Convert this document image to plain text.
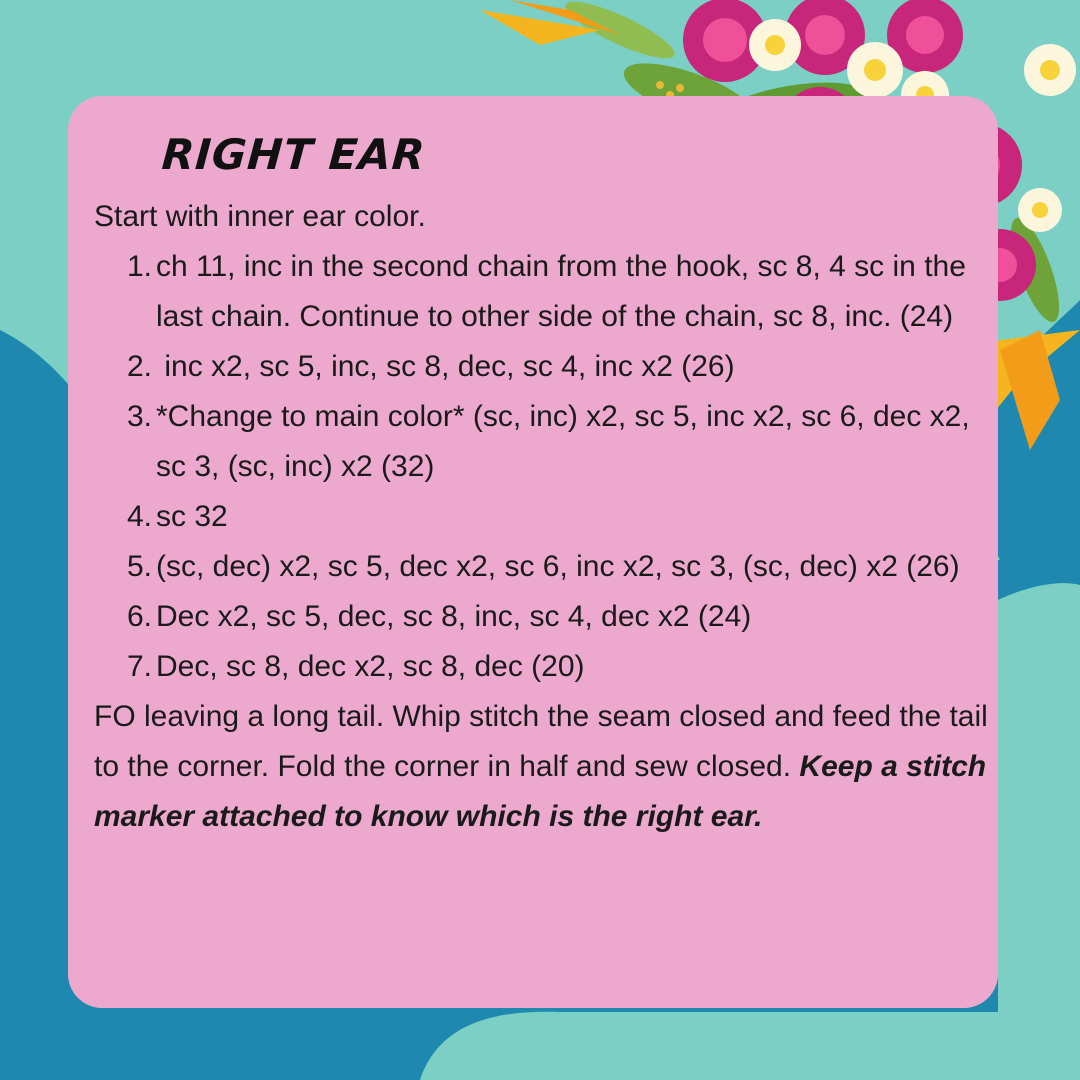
RIGHT EAR

Start with inner ear color.

1. ch 11, inc in the second chain from the hook, sc 8, 4 sc in the last chain. Continue to other side of the chain, sc 8, inc. (24)
2. inc x2, sc 5, inc, sc 8, dec, sc 4, inc x2 (26)
3. *Change to main color* (sc, inc) x2, sc 5, inc x2, sc 6, dec x2, sc 3, (sc, inc) x2 (32)
4. sc 32
5. (sc, dec) x2, sc 5, dec x2, sc 6, inc x2, sc 3, (sc, dec) x2 (26)
6. Dec x2, sc 5, dec, sc 8, inc, sc 4, dec x2 (24)
7. Dec, sc 8, dec x2, sc 8, dec (20)

FO leaving a long tail. Whip stitch the seam closed and feed the tail to the corner. Fold the corner in half and sew closed. Keep a stitch marker attached to know which is the right ear.
